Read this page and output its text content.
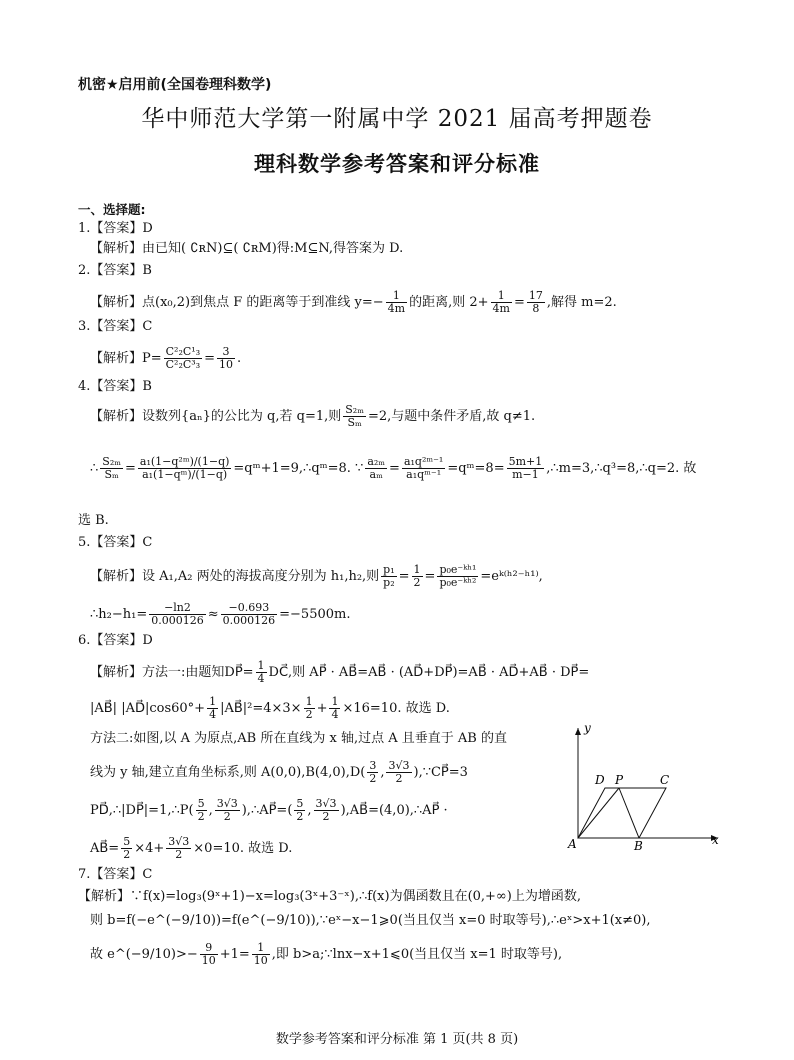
机密★启用前(全国卷理科数学)
华中师范大学第一附属中学 2021 届高考押题卷
理科数学参考答案和评分标准
一、选择题:
1.【答案】D
【解析】由已知( ∁ʀN)⊆( ∁ʀM)得:M⊆N,得答案为 D.
2.【答案】B
【解析】点(x₀,2)到焦点 F 的距离等于到准线 $y=- \frac{1}{4m}$ 的距离,则 $2+ \frac{1}{4m} = \frac{17}{8}$ ,解得 m=2.
3.【答案】C
【解析】$P= \frac{\text{C²₂C¹₃}}{\text{C²₂C³₃}} = \frac{3}{10}$ .
4.【答案】B
【解析】设数列{aₙ}的公比为 q,若 q=1,则 $\frac{\text{S₂ₘ}}{\text{Sₘ}} =2$,与题中条件矛盾,故 q≠1.
∴ $\frac{\text{S₂ₘ}}{\text{Sₘ}} = \frac{\text{a₁(1−q²ᵐ)/(1−q)}}{\text{a₁(1−qᵐ)/(1−q)}}$ =qᵐ+1=9,∴qᵐ=8. ∵ $\frac{\text{a₂ₘ}}{\text{aₘ}} = \frac{\text{a₁q²ᵐ⁻¹}}{\text{a₁qᵐ⁻¹}}$ =qᵐ=8= $\frac{5m+1}{m-1}$ ,∴m=3,∴q³=8,∴q=2. 故
选 B.
5.【答案】C
【解析】设 A₁,A₂ 两处的海拔高度分别为 h₁,h₂,则 $\frac{\text{p₁}}{\text{p₂}} = \frac{1}{2} = \frac{\text{p₀e⁻ᵏʰ¹}}{\text{p₀e⁻ᵏʰ²}}$ =eᵏ⁽ʰ²⁻ʰ¹⁾,
∴h₂−h₁= $\frac{-\ln 2}{0.000126} \approx \frac{-0.693}{0.000126} =-5500m$.
6.【答案】D
【解析】方法一:由题知DP⃗= $\frac{1}{4}$ DC⃗,则 AP⃗ · AB⃗=AB⃗ · (AD⃗+DP⃗)=AB⃗ · AD⃗+AB⃗ · DP⃗=
|AB⃗| |AD⃗|cos60°+ $\frac{1}{4}$ |AB⃗|²=4×3× $\frac{1}{2} + \frac{1}{4} \times 16=10$. 故选 D.
方法二:如图,以 A 为原点,AB 所在直线为 x 轴,过点 A 且垂直于 AB 的直
线为 y 轴,建立直角坐标系,则 $A(0,0),B(4,0),D( \frac{3}{2}$ , $\frac{3√3}{2}$ ),∵CP⃗=3
PD⃗,∴|DP⃗|=1,∴P( $\frac{5}{2}$ , $\frac{3√3}{2}$ ),∴AP⃗=( $\frac{5}{2}$ , $\frac{3√3}{2}$ ),AB⃗=(4,0),∴AP⃗ ·
AB⃗= $\frac{5}{2} \times 4+ \frac{3√3}{2} \times 0=10$. 故选 D.
y
x
A	B
C
D P
7.【答案】C
【解析】∵f(x)=log₃(9ˣ+1)−x=log₃(3ˣ+3⁻ˣ),∴f(x)为偶函数且在(0,+∞)上为增函数,
则 b=f(−e^(−9/10))=f(e^(−9/10)),∵eˣ−x−1⩾0(当且仅当 x=0 时取等号),∴eˣ>x+1(x≠0),
故 e^(−9/10)>− $\frac{9}{10} +1= \frac{1}{10}$ ,即 b>a;∵lnx−x+1⩽0(当且仅当 x=1 时取等号),
数学参考答案和评分标准 第 1 页(共 8 页)
